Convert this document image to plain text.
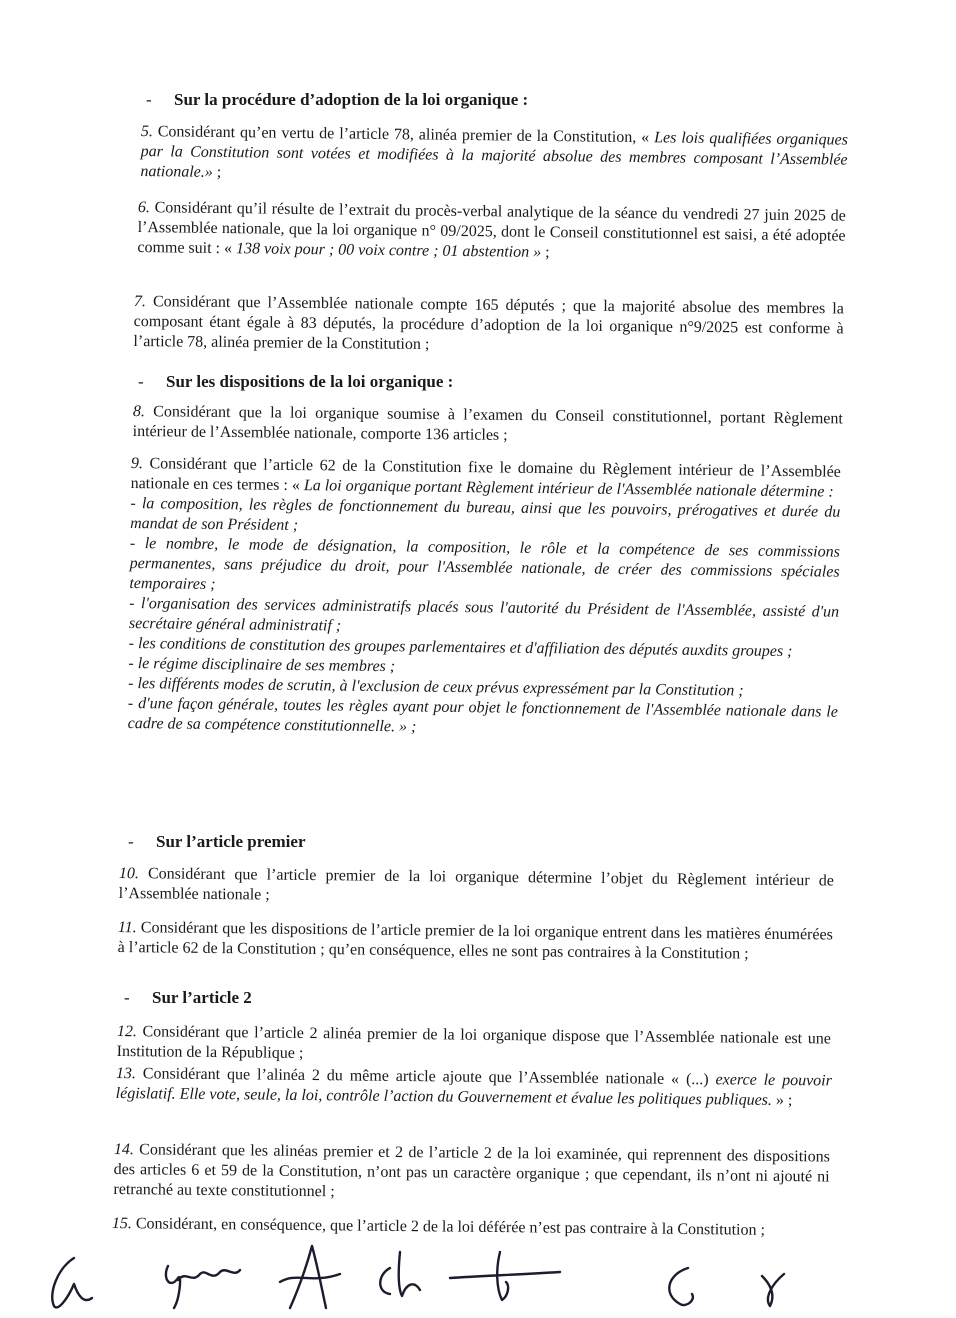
- Sur la procédure d’adoption de la loi organique :
5. Considérant qu’en vertu de l’article 78, alinéa premier de la Constitution, « Les lois qualifiées organiques par la Constitution sont votées et modifiées à la majorité absolue des membres composant l’Assemblée nationale.» ;
6. Considérant qu’il résulte de l’extrait du procès-verbal analytique de la séance du vendredi 27 juin 2025 de l’Assemblée nationale, que la loi organique n° 09/2025, dont le Conseil constitutionnel est saisi, a été adoptée comme suit : « 138 voix pour ; 00 voix contre ; 01 abstention » ;
7. Considérant que l’Assemblée nationale compte 165 députés ; que la majorité absolue des membres la composant étant égale à 83 députés, la procédure d’adoption de la loi organique n°9/2025 est conforme à l’article 78, alinéa premier de la Constitution ;
- Sur les dispositions de la loi organique :
8. Considérant que la loi organique soumise à l’examen du Conseil constitutionnel, portant Règlement intérieur de l’Assemblée nationale, comporte 136 articles ;
9. Considérant que l’article 62 de la Constitution fixe le domaine du Règlement intérieur de l’Assemblée nationale en ces termes : « La loi organique portant Règlement intérieur de l'Assemblée nationale détermine :
- la composition, les règles de fonctionnement du bureau, ainsi que les pouvoirs, prérogatives et durée du mandat de son Président ;
- le nombre, le mode de désignation, la composition, le rôle et la compétence de ses commissions permanentes, sans préjudice du droit, pour l'Assemblée nationale, de créer des commissions spéciales temporaires ;
- l'organisation des services administratifs placés sous l'autorité du Président de l'Assemblée, assisté d'un secrétaire général administratif ;
- les conditions de constitution des groupes parlementaires et d'affiliation des députés auxdits groupes ;
- le régime disciplinaire de ses membres ;
- les différents modes de scrutin, à l'exclusion de ceux prévus expressément par la Constitution ;
- d'une façon générale, toutes les règles ayant pour objet le fonctionnement de l'Assemblée nationale dans le cadre de sa compétence constitutionnelle. » ;
- Sur l’article premier
10. Considérant que l’article premier de la loi organique détermine l’objet du Règlement intérieur de l’Assemblée nationale ;
11. Considérant que les dispositions de l’article premier de la loi organique entrent dans les matières énumérées à l’article 62 de la Constitution ; qu’en conséquence, elles ne sont pas contraires à la Constitution ;
- Sur l’article 2
12. Considérant que l’article 2 alinéa premier de la loi organique dispose que l’Assemblée nationale est une Institution de la République ;
13. Considérant que l’alinéa 2 du même article ajoute que l’Assemblée nationale « (...) exerce le pouvoir législatif. Elle vote, seule, la loi, contrôle l’action du Gouvernement et évalue les politiques publiques. » ;
14. Considérant que les alinéas premier et 2 de l’article 2 de la loi examinée, qui reprennent des dispositions des articles 6 et 59 de la Constitution, n’ont pas un caractère organique ; que cependant, ils n’ont ni ajouté ni retranché au texte constitutionnel ;
15. Considérant, en conséquence, que l’article 2 de la loi déférée n’est pas contraire à la Constitution ;
